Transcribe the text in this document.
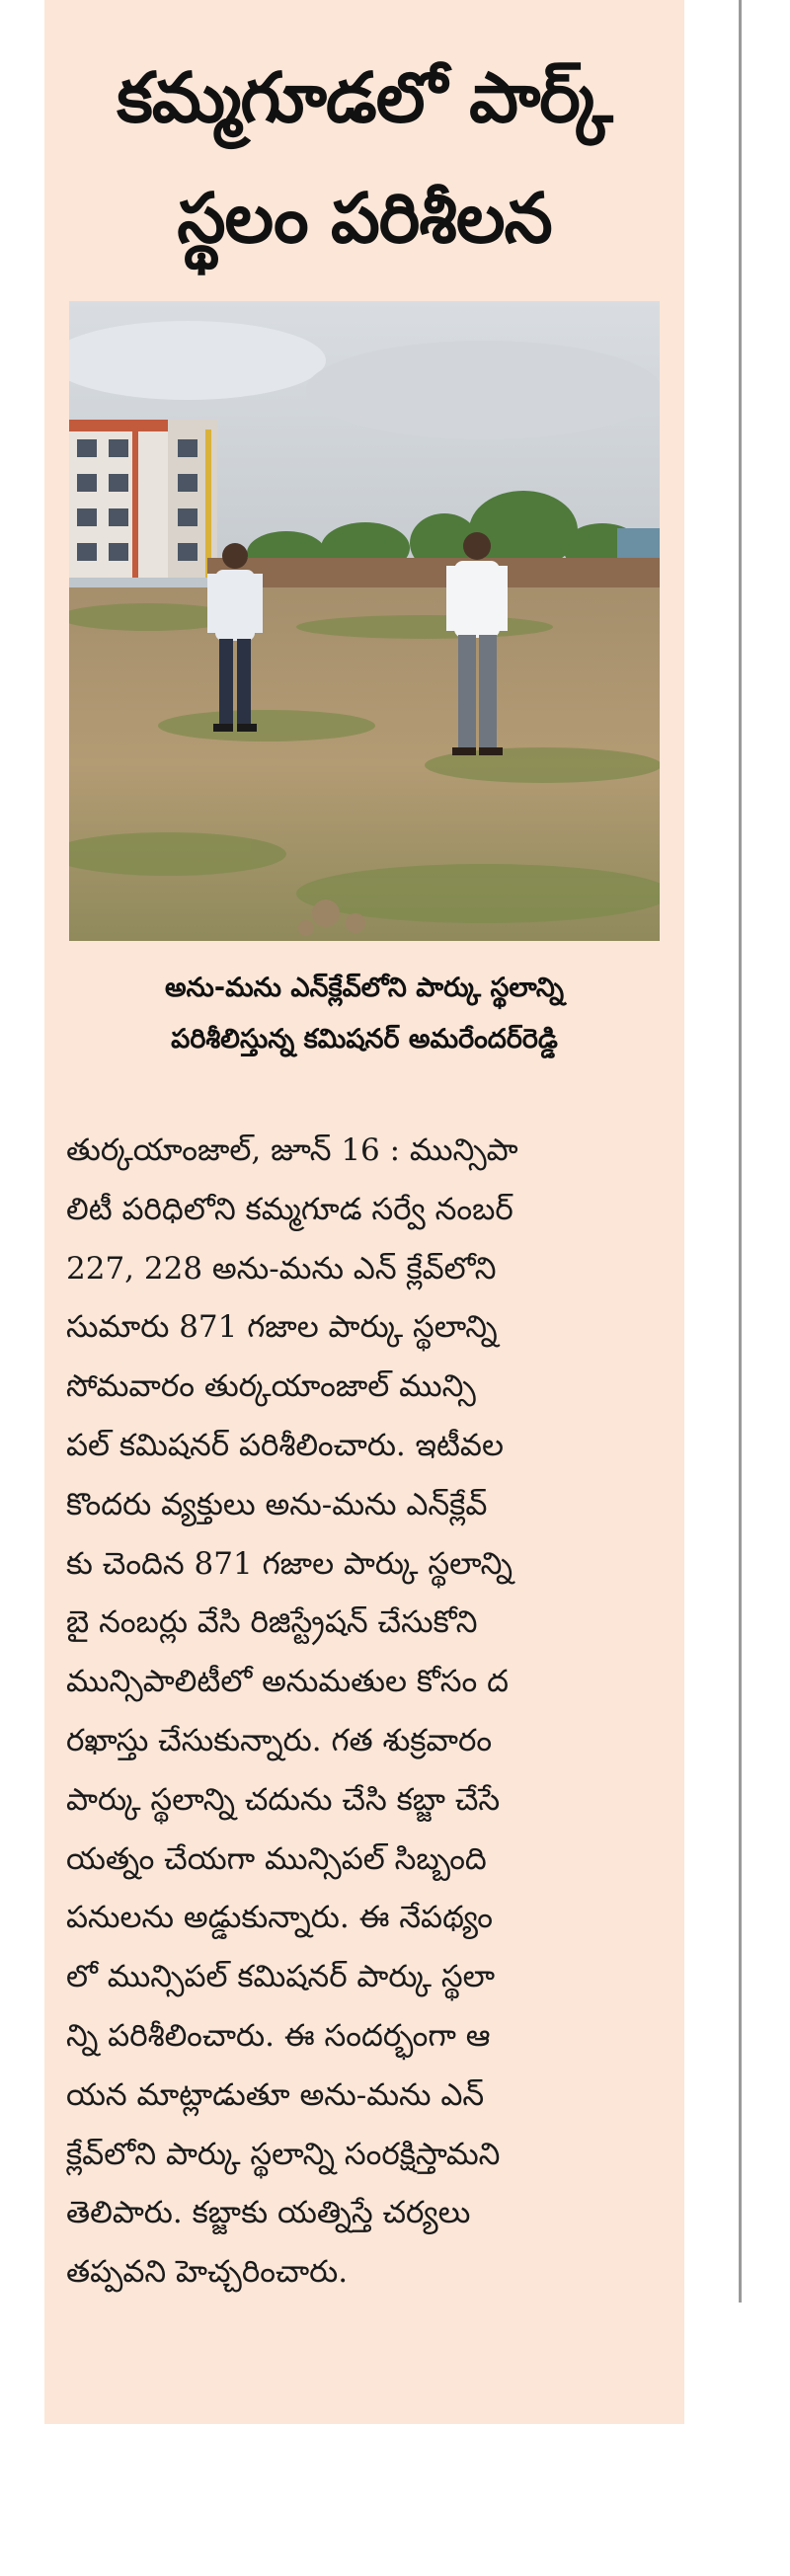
కమ్మగూడలో పార్క్
స్థలం పరిశీలన
అను-మను ఎన్‌క్లేవ్‌లోని పార్కు స్థలాన్ని
పరిశీలిస్తున్న కమిషనర్ అమరేందర్‌రెడ్డి
తుర్కయాంజాల్, జూన్ 16 : మున్సిపా
లిటీ పరిధిలోని కమ్మగూడ సర్వే నంబర్
227, 228 అను-మను ఎన్ క్లేవ్‌లోని
సుమారు 871 గజాల పార్కు స్థలాన్ని
సోమవారం తుర్కయాంజాల్ మున్సి
పల్ కమిషనర్ పరిశీలించారు. ఇటీవల
కొందరు వ్యక్తులు అను-మను ఎన్‌క్లేవ్
కు చెందిన 871 గజాల పార్కు స్థలాన్ని
బై నంబర్లు వేసి రిజిస్ట్రేషన్ చేసుకోని
మున్సిపాలిటీలో అనుమతుల కోసం ద
రఖాస్తు చేసుకున్నారు. గత శుక్రవారం
పార్కు స్థలాన్ని చదును చేసి కబ్జా చేసే
యత్నం చేయగా మున్సిపల్ సిబ్బంది
పనులను అడ్డుకున్నారు. ఈ నేపథ్యం
లో మున్సిపల్ కమిషనర్ పార్కు స్థలా
న్ని పరిశీలించారు. ఈ సందర్భంగా ఆ
యన మాట్లాడుతూ అను-మను ఎన్
క్లేవ్‌లోని పార్కు స్థలాన్ని సంరక్షిస్తామని
తెలిపారు. కబ్జాకు యత్నిస్తే చర్యలు
తప్పవని హెచ్చరించారు.
